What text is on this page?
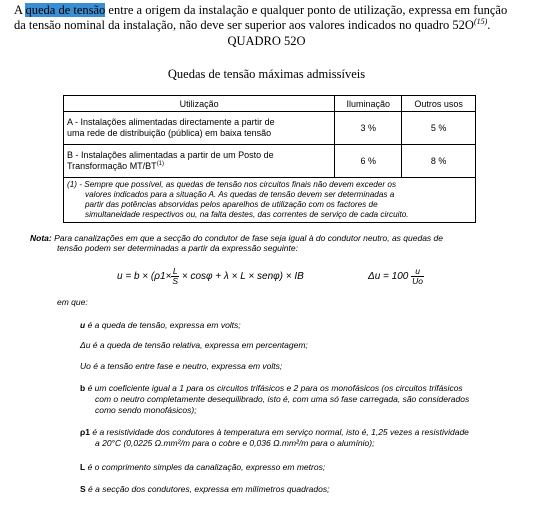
A queda de tensão entre a origem da instalação e qualquer ponto de utilização, expressa em função
da tensão nominal da instalação, não deve ser superior aos valores indicados no quadro 52O$^{(15)}$.
QUADRO 52O
Quedas de tensão máximas admissíveis
Utilização	Iluminação	Outros usos

A - Instalações alimentadas directamente a partir de
uma rede de distribuição (pública) em baixa tensão	3 %	5 %

B - Instalações alimentadas a partir de um Posto de
Transformação MT/BT$^{(1)}$	6 %	8 %

(1) - Sempre que possível, as quedas de tensão nos circuitos finais não devem exceder os
valores indicados para a situação A. As quedas de tensão devem ser determinadas a
partir das potências absorvidas pelos aparelhos de utilização com os factores de
simultaneidade respectivos ou, na falta destes, das correntes de serviço de cada circuito.		
Nota: Para canalizações em que a secção do condutor de fase seja igual à do condutor neutro, as quedas de
tensão podem ser determinadas a partir da expressão seguinte:
$u = b \times (\rho 1\times \frac{L}{S} \times \cos\varphi + \lambda \times L \times sen\varphi)$ × IB	$\Delta u = 100 \frac{u}{Uo}$
em que:
u é a queda de tensão, expressa em volts;
Δu é a queda de tensão relativa, expressa em percentagem;
Uo é a tensão entre fase e neutro, expressa em volts;
b é um coeficiente igual a 1 para os circuitos trifásicos e 2 para os monofásicos (os circuitos trifásicos
com o neutro completamente desequilibrado, isto é, com uma só fase carregada, são considerados
como sendo monofásicos);
ρ1 é a resistividade dos condutores à temperatura em serviço normal, isto é, 1,25 vezes a resistividade
a 20°C (0,0225 Ω.mm²/m para o cobre e 0,036 Ω.mm²/m para o alumínio);
L é o comprimento simples da canalização, expresso em metros;
S é a secção dos condutores, expressa em milímetros quadrados;
